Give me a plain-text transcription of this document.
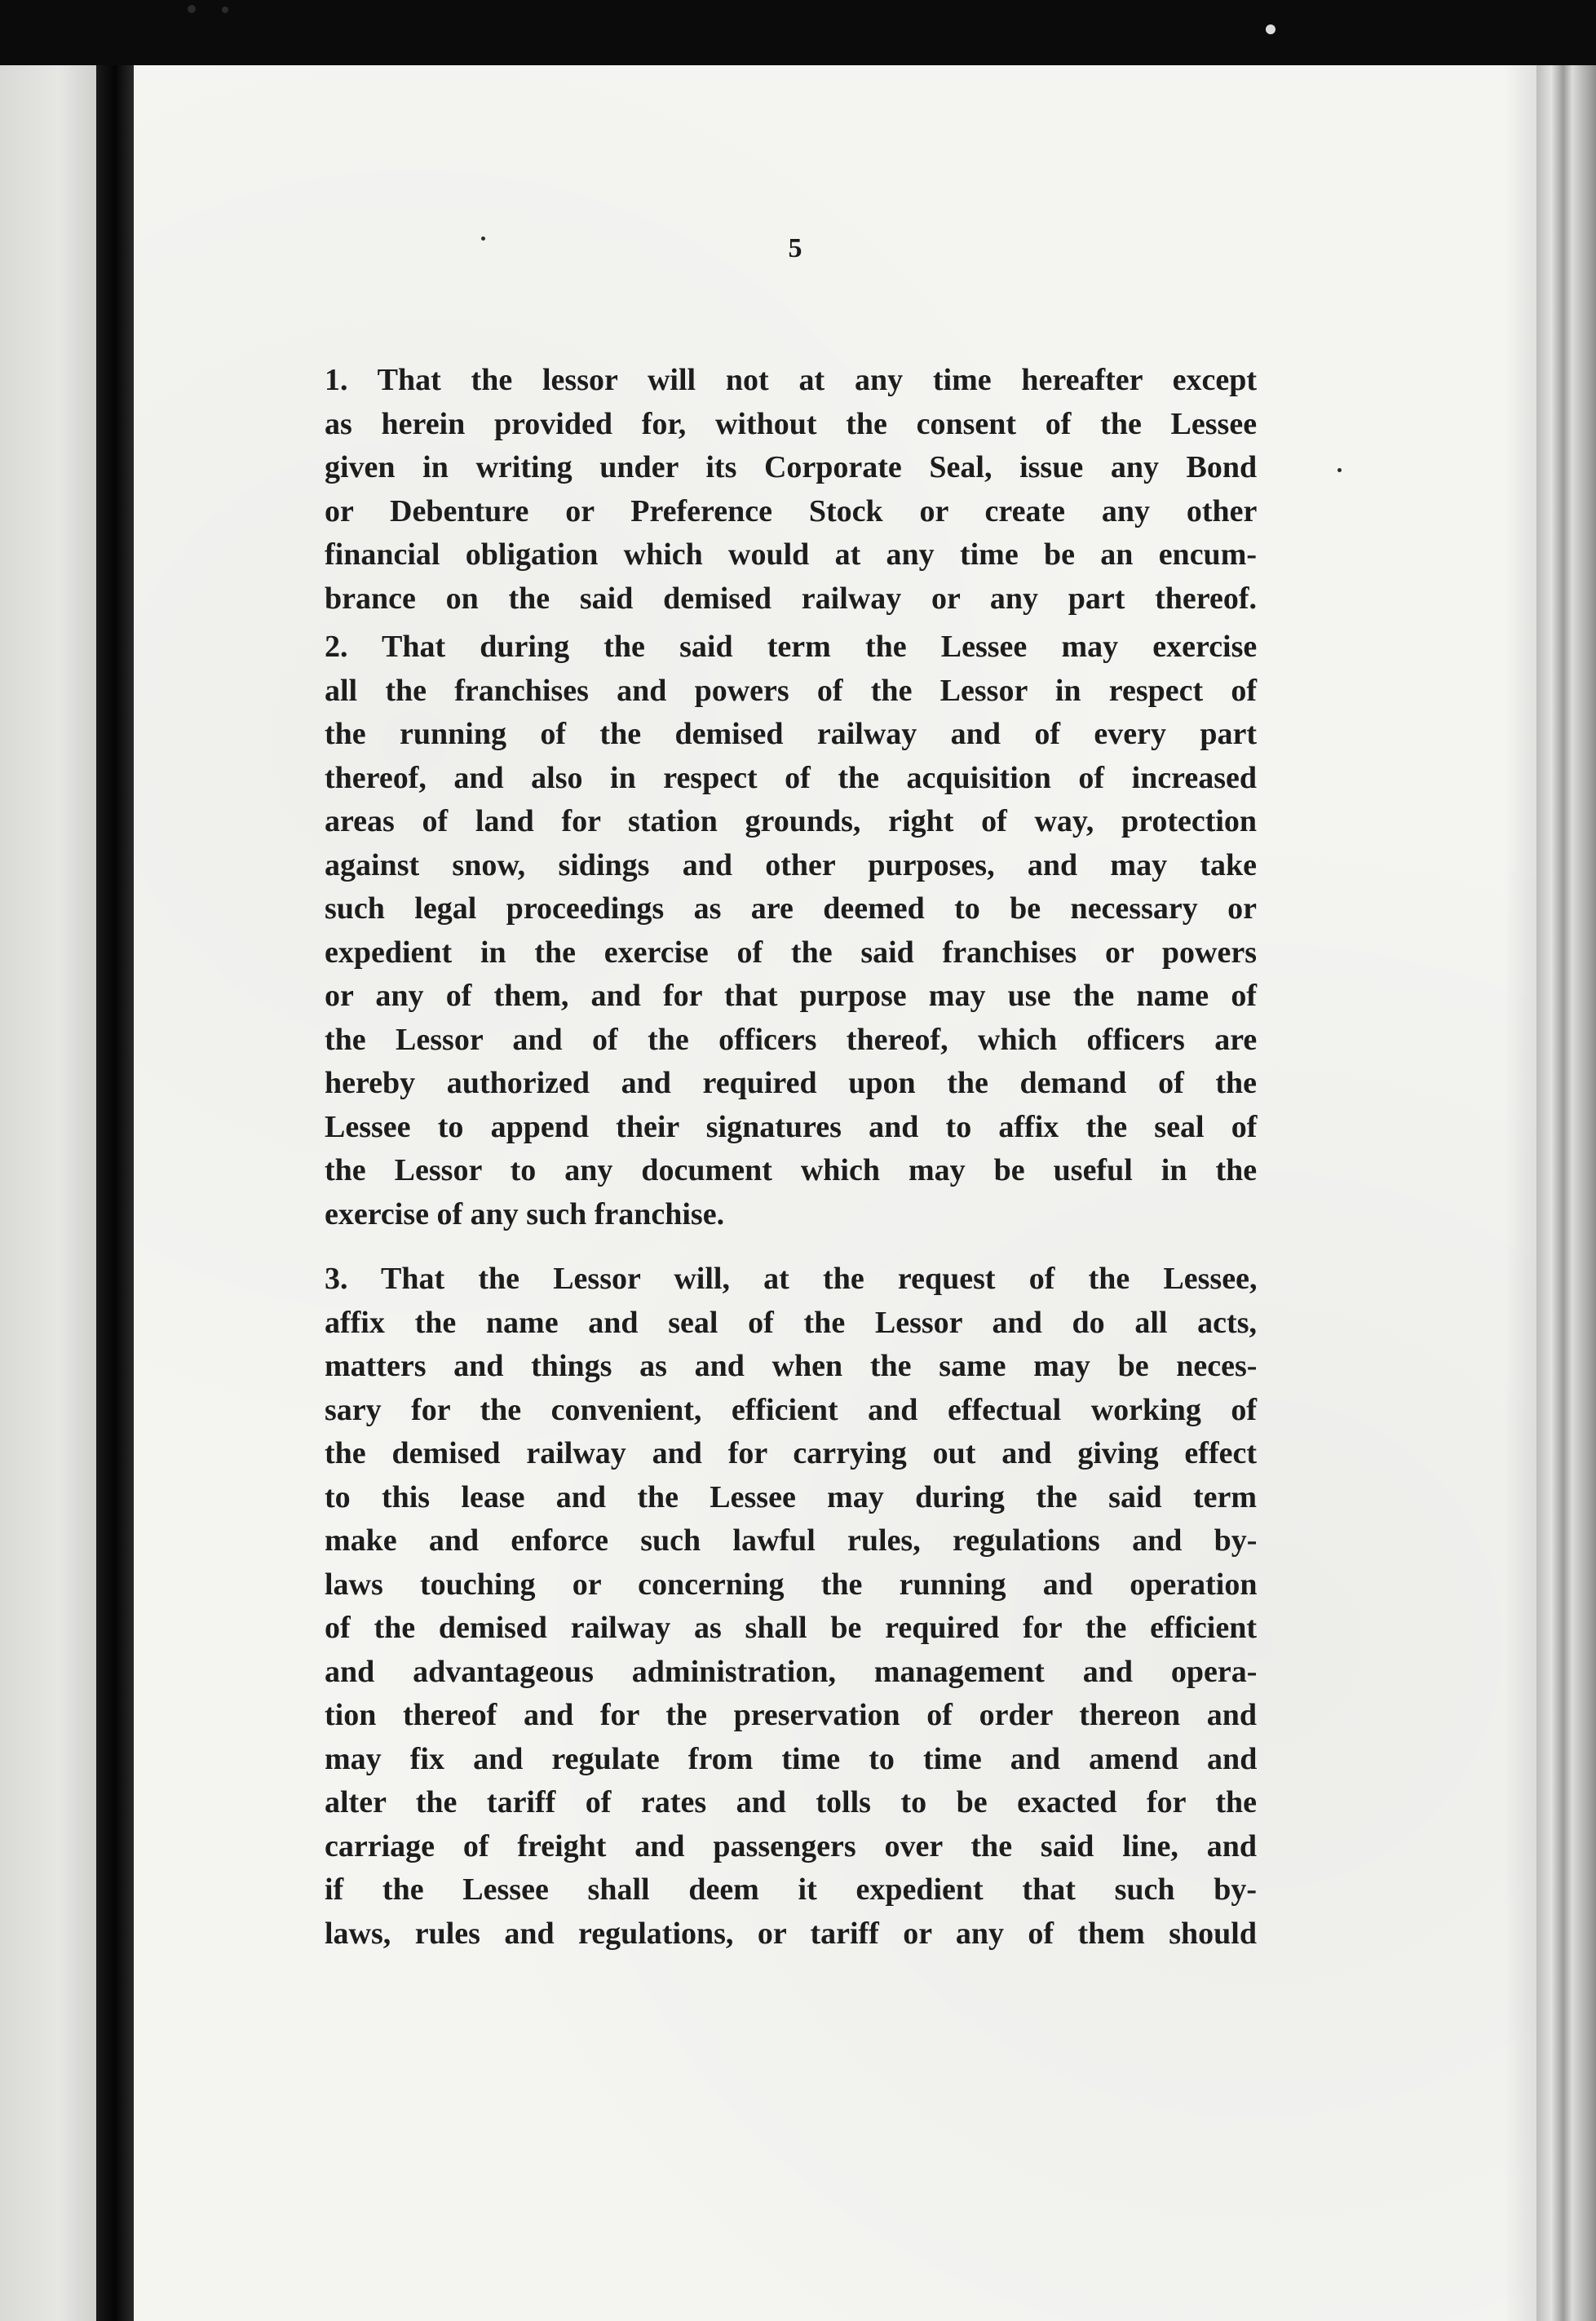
5
1. That the lessor will not at any time hereafter except
as herein provided for, without the consent of the Lessee
given in writing under its Corporate Seal, issue any Bond
or Debenture or Preference Stock or create any other
financial obligation which would at any time be an encum-
brance on the said demised railway or any part thereof.
2. That during the said term the Lessee may exercise
all the franchises and powers of the Lessor in respect of
the running of the demised railway and of every part
thereof, and also in respect of the acquisition of increased
areas of land for station grounds, right of way, protection
against snow, sidings and other purposes, and may take
such legal proceedings as are deemed to be necessary or
expedient in the exercise of the said franchises or powers
or any of them, and for that purpose may use the name of
the Lessor and of the officers thereof, which officers are
hereby authorized and required upon the demand of the
Lessee to append their signatures and to affix the seal of
the Lessor to any document which may be useful in the
exercise of any such franchise.
3. That the Lessor will, at the request of the Lessee,
affix the name and seal of the Lessor and do all acts,
matters and things as and when the same may be neces-
sary for the convenient, efficient and effectual working of
the demised railway and for carrying out and giving effect
to this lease and the Lessee may during the said term
make and enforce such lawful rules, regulations and by-
laws touching or concerning the running and operation
of the demised railway as shall be required for the efficient
and advantageous administration, management and opera-
tion thereof and for the preservation of order thereon and
may fix and regulate from time to time and amend and
alter the tariff of rates and tolls to be exacted for the
carriage of freight and passengers over the said line, and
if the Lessee shall deem it expedient that such by-
laws, rules and regulations, or tariff or any of them should
